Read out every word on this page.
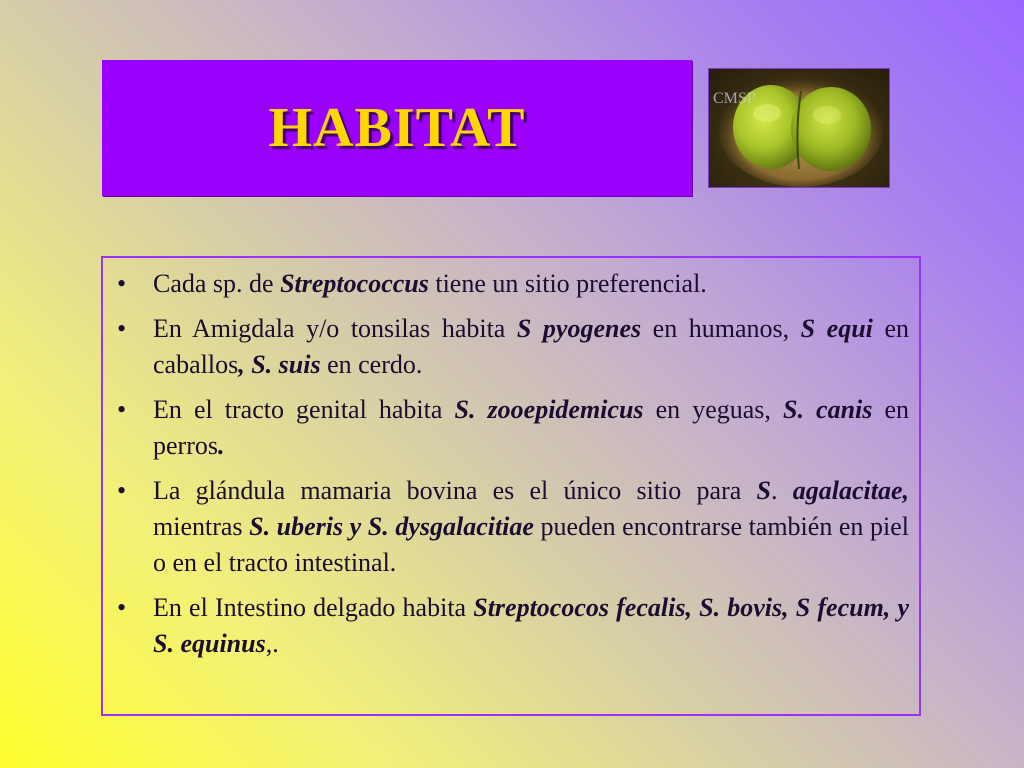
HABITAT	CMSP
• Cada sp. de Streptococcus tiene un sitio preferencial.
• En Amigdala y/o tonsilas habita S pyogenes en humanos, S equi en caballos, S. suis en cerdo.
• En el tracto genital habita S. zooepidemicus en yeguas, S. canis en perros.
• La glándula mamaria bovina es el único sitio para S. agalacitae, mientras S. uberis y S. dysgalacitiae pueden encontrarse también en piel o en el tracto intestinal.
• En el Intestino delgado habita Streptococos fecalis, S. bovis, S fecum, y S. equinus,.
